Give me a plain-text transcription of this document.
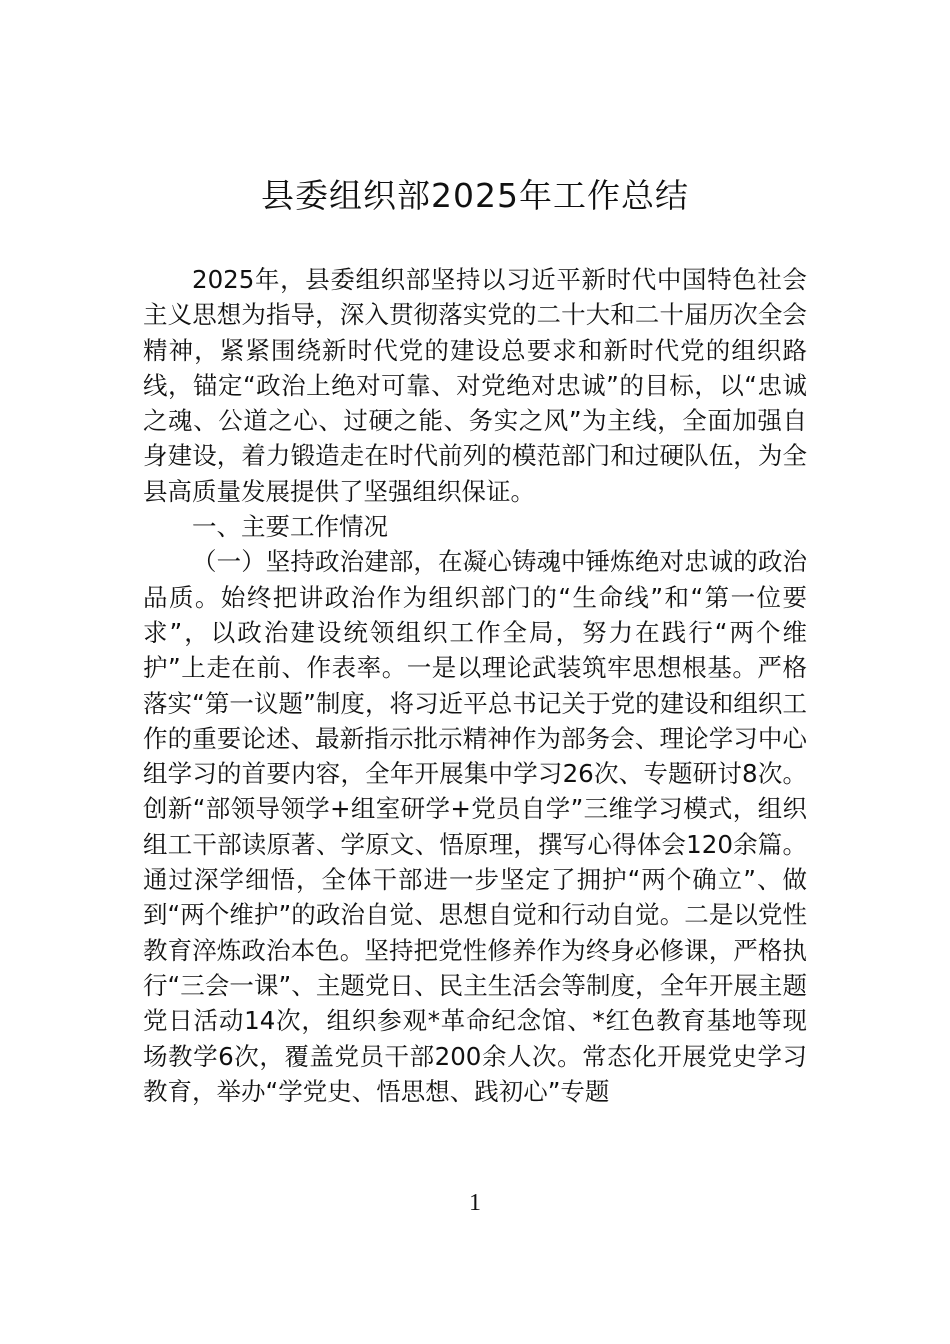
县委组织部2025年工作总结

2025年，县委组织部坚持以习近平新时代中国特色社会主义思想为指导，深入贯彻落实党的二十大和二十届历次全会精神，紧紧围绕新时代党的建设总要求和新时代党的组织路线，锚定“政治上绝对可靠、对党绝对忠诚”的目标，以“忠诚之魂、公道之心、过硬之能、务实之风”为主线，全面加强自身建设，着力锻造走在时代前列的模范部门和过硬队伍，为全县高质量发展提供了坚强组织保证。

一、主要工作情况

（一）坚持政治建部，在凝心铸魂中锤炼绝对忠诚的政治品质。始终把讲政治作为组织部门的“生命线”和“第一位要求”，以政治建设统领组织工作全局，努力在践行“两个维护”上走在前、作表率。一是以理论武装筑牢思想根基。严格落实“第一议题”制度，将习近平总书记关于党的建设和组织工作的重要论述、最新指示批示精神作为部务会、理论学习中心组学习的首要内容，全年开展集中学习26次、专题研讨8次。创新“部领导领学+组室研学+党员自学”三维学习模式，组织组工干部读原著、学原文、悟原理，撰写心得体会120余篇。通过深学细悟，全体干部进一步坚定了拥护“两个确立”、做到“两个维护”的政治自觉、思想自觉和行动自觉。二是以党性教育淬炼政治本色。坚持把党性修养作为终身必修课，严格执行“三会一课”、主题党日、民主生活会等制度，全年开展主题党日活动14次，组织参观*革命纪念馆、*红色教育基地等现场教学6次，覆盖党员干部200余人次。常态化开展党史学习教育，举办“学党史、悟思想、践初心”专题

1
